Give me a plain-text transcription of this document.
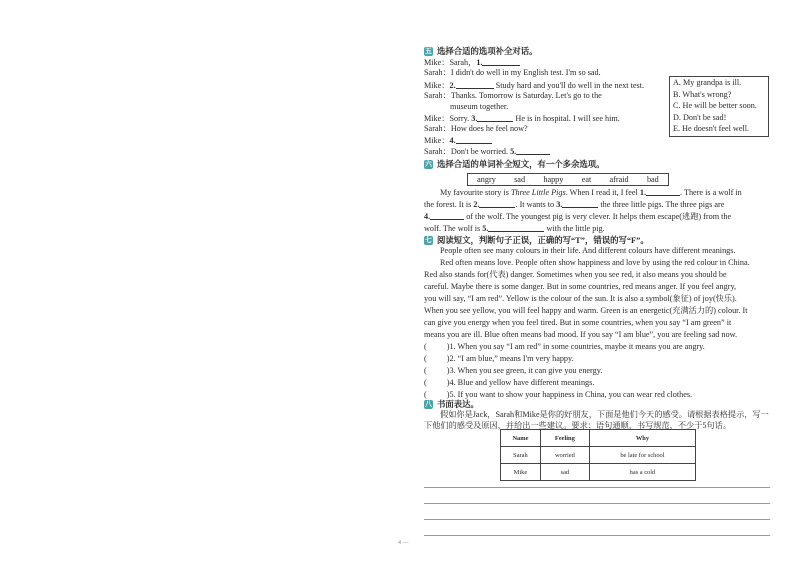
五 选择合适的选项补全对话。
Mike：Sarah，1.
Sarah：I didn't do well in my English test. I'm so sad.
Mike：2.	Study hard and you'll do well in the next test.
Sarah：Thanks. Tomorrow is Saturday. Let's go to the
museum together.
Mike：Sorry. 3.	He is in hospital. I will see him.
Sarah：How does he feel now?
Mike：4.
Sarah：Don't be worried. 5.
A. My grandpa is ill.
B. What's wrong?
C. He will be better soon.
D. Don't be sad!
E. He doesn't feel well.
六 选择合适的单词补全短文，有一个多余选项。
angry sad happy eat afraid bad
My favourite story is Three Little Pigs. When I read it, I feel 1.	. There is a wolf in
the forest. It is 2.	. It wants to 3.	the three little pigs. The three pigs are
4.	of the wolf. The youngest pig is very clever. It helps them escape(逃跑) from the
wolf. The wolf is 5.	with the little pig.
七 阅读短文，判断句子正误，正确的写“T”，错误的写“F”。
People often see many colours in their life. And different colours have different meanings.
Red often means love. People often show happiness and love by using the red colour in China.
Red also stands for(代表) danger. Sometimes when you see red, it also means you should be
careful. Maybe there is some danger. But in some countries, red means anger. If you feel angry,
you will say, “I am red”. Yellow is the colour of the sun. It is also a symbol(象征) of joy(快乐).
When you see yellow, you will feel happy and warm. Green is an energetic(充满活力的) colour. It
can give you energy when you feel tired. But in some countries, when you say “I am green” it
means you are ill. Blue often means bad mood. If you say “I am blue”, you are feeling sad now.
( )1. When you say “I am red” in some countries, maybe it means you are angry.
( )2. “I am blue,” means I'm very happy.
( )3. When you see green, it can give you energy.
( )4. Blue and yellow have different meanings.
( )5. If you want to show your happiness in China, you can wear red clothes.
八 书面表达。
假如你是Jack，Sarah和Mike是你的好朋友，下面是他们今天的感受。请根据表格提示，写一
下他们的感受及原因，并给出一些建议。要求：语句通顺，书写规范，不少于5句话。
Name	Feeling	Why
Sarah	worried	be late for school
Mike	sad	has a cold
4 —
